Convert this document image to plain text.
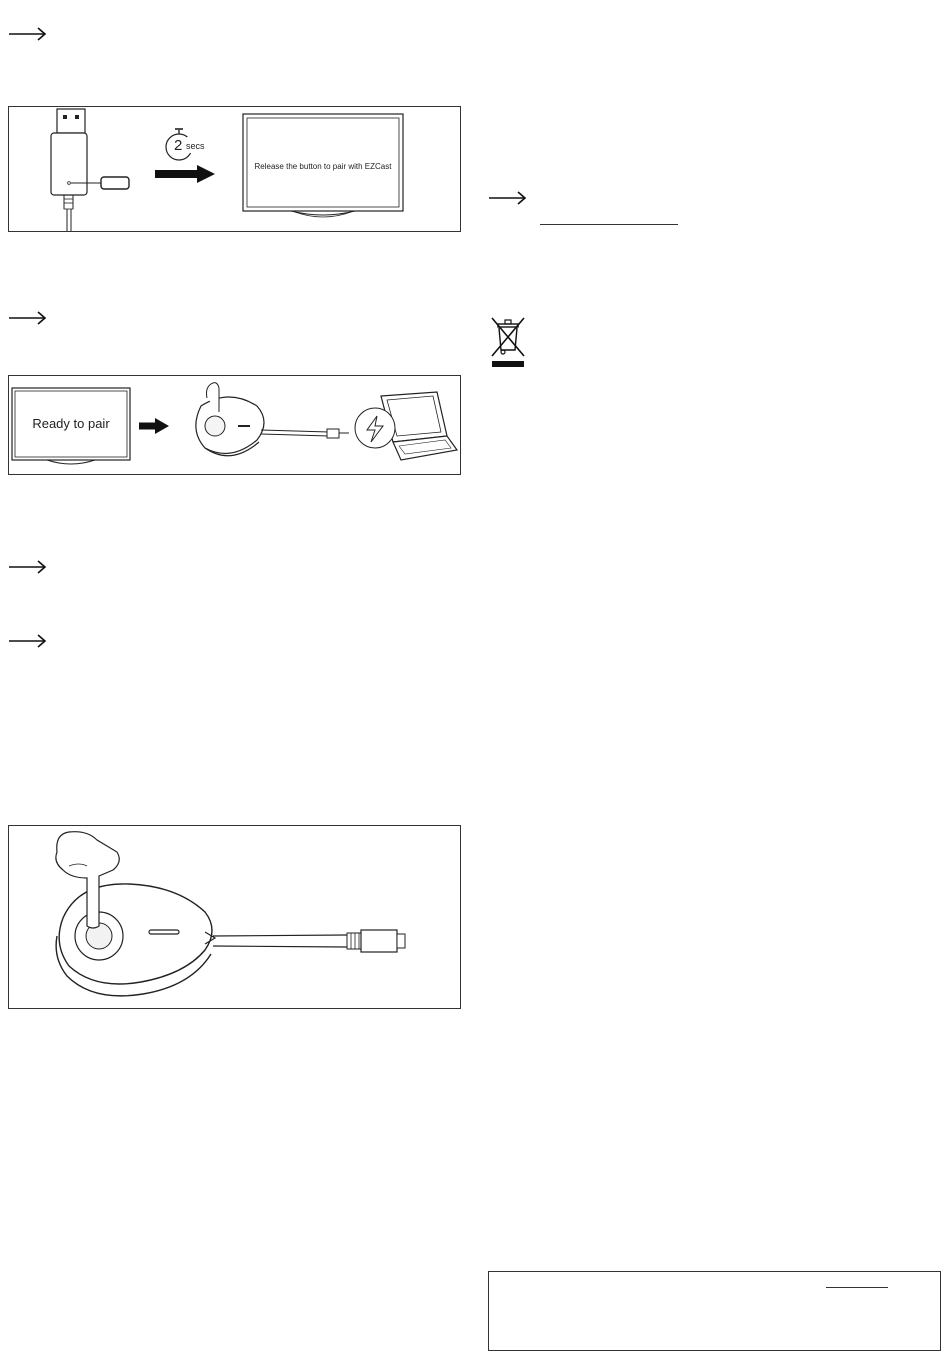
2 secs
Release the button to pair with EZCast
Ready to pair
